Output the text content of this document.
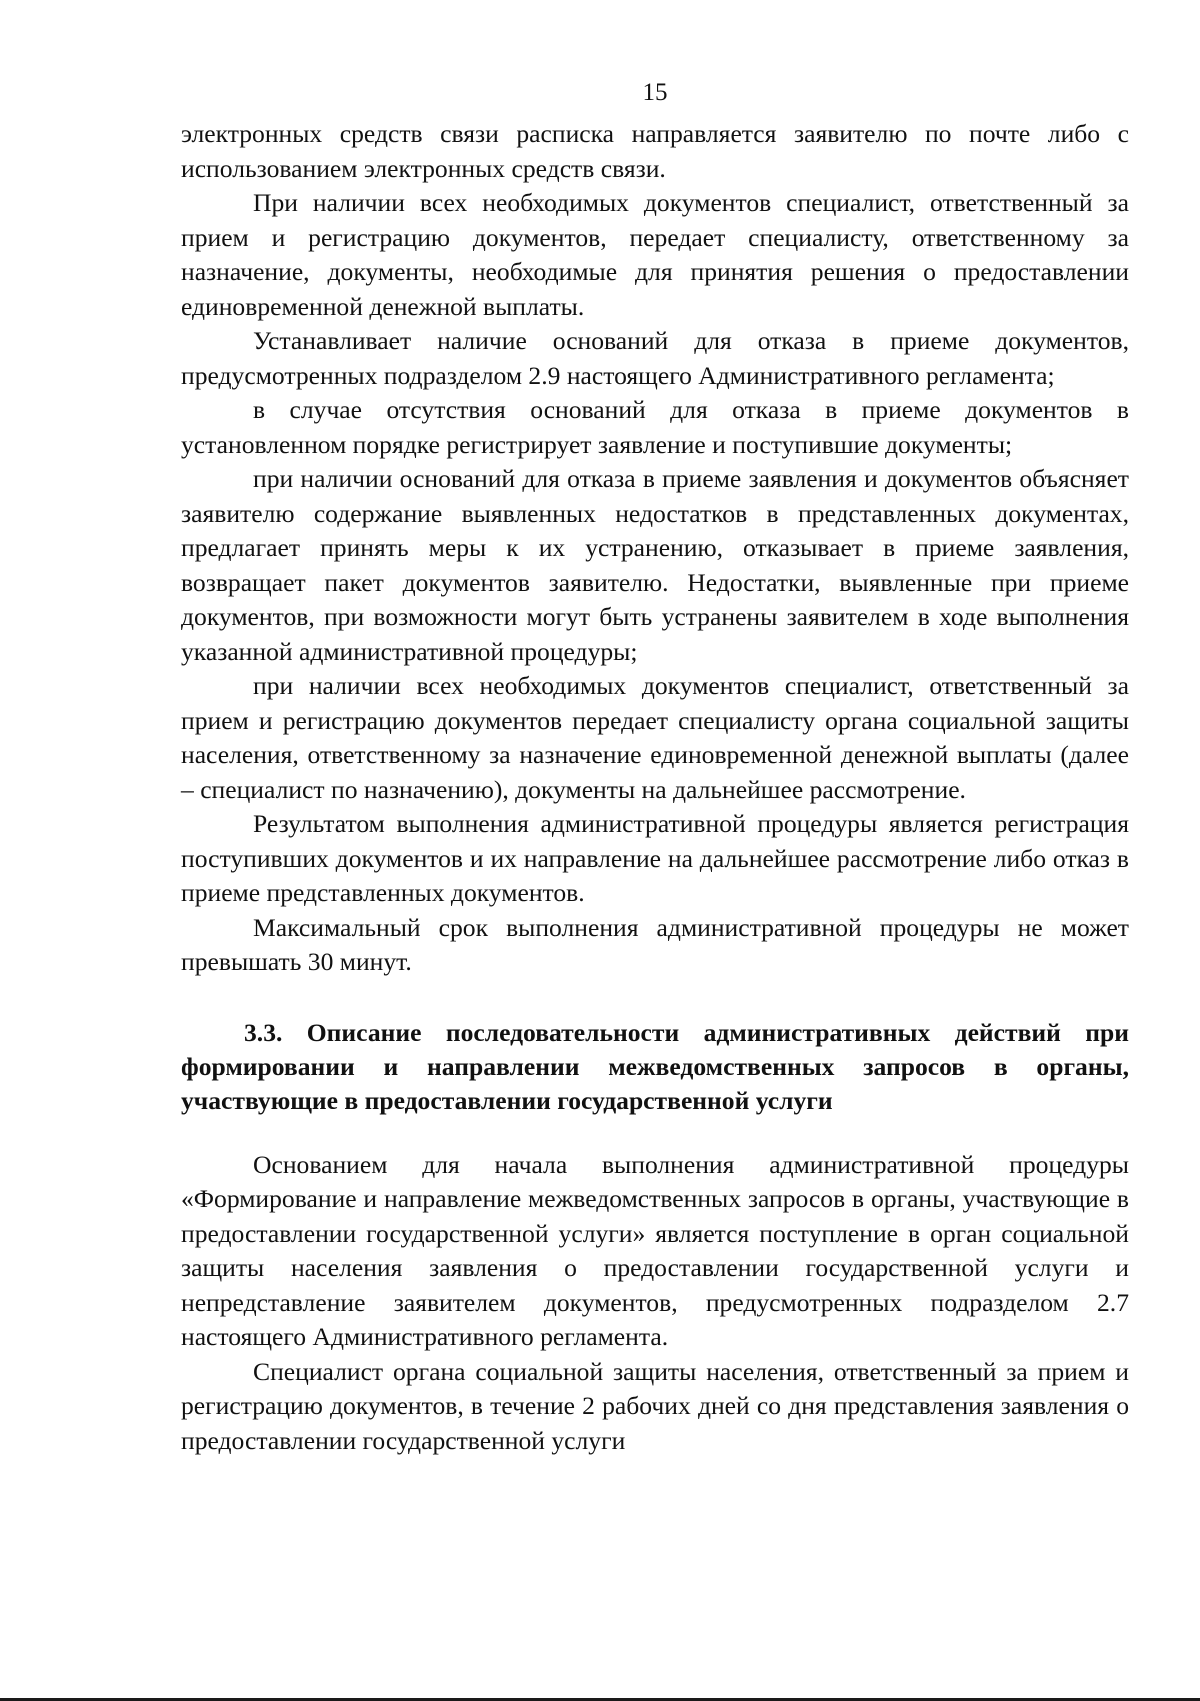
15

электронных средств связи расписка направляется заявителю по почте либо с использованием электронных средств связи.

При наличии всех необходимых документов специалист, ответственный за прием и регистрацию документов, передает специалисту, ответственному за назначение, документы, необходимые для принятия решения о предоставлении единовременной денежной выплаты.

Устанавливает наличие оснований для отказа в приеме документов, предусмотренных подразделом 2.9 настоящего Административного регламента;

в случае отсутствия оснований для отказа в приеме документов в установленном порядке регистрирует заявление и поступившие документы;

при наличии оснований для отказа в приеме заявления и документов объясняет заявителю содержание выявленных недостатков в представленных документах, предлагает принять меры к их устранению, отказывает в приеме заявления, возвращает пакет документов заявителю. Недостатки, выявленные при приеме документов, при возможности могут быть устранены заявителем в ходе выполнения указанной административной процедуры;

при наличии всех необходимых документов специалист, ответственный за прием и регистрацию документов передает специалисту органа социальной защиты населения, ответственному за назначение единовременной денежной выплаты (далее – специалист по назначению), документы на дальнейшее рассмотрение.

Результатом выполнения административной процедуры является регистрация поступивших документов и их направление на дальнейшее рассмотрение либо отказ в приеме представленных документов.

Максимальный срок выполнения административной процедуры не может превышать 30 минут.

3.3. Описание последовательности административных действий при формировании и направлении межведомственных запросов в органы, участвующие в предоставлении государственной услуги

Основанием для начала выполнения административной процедуры «Формирование и направление межведомственных запросов в органы, участвующие в предоставлении государственной услуги» является поступление в орган социальной защиты населения заявления о предоставлении государственной услуги и непредставление заявителем документов, предусмотренных подразделом 2.7 настоящего Административного регламента.

Специалист органа социальной защиты населения, ответственный за прием и регистрацию документов, в течение 2 рабочих дней со дня представления заявления о предоставлении государственной услуги
